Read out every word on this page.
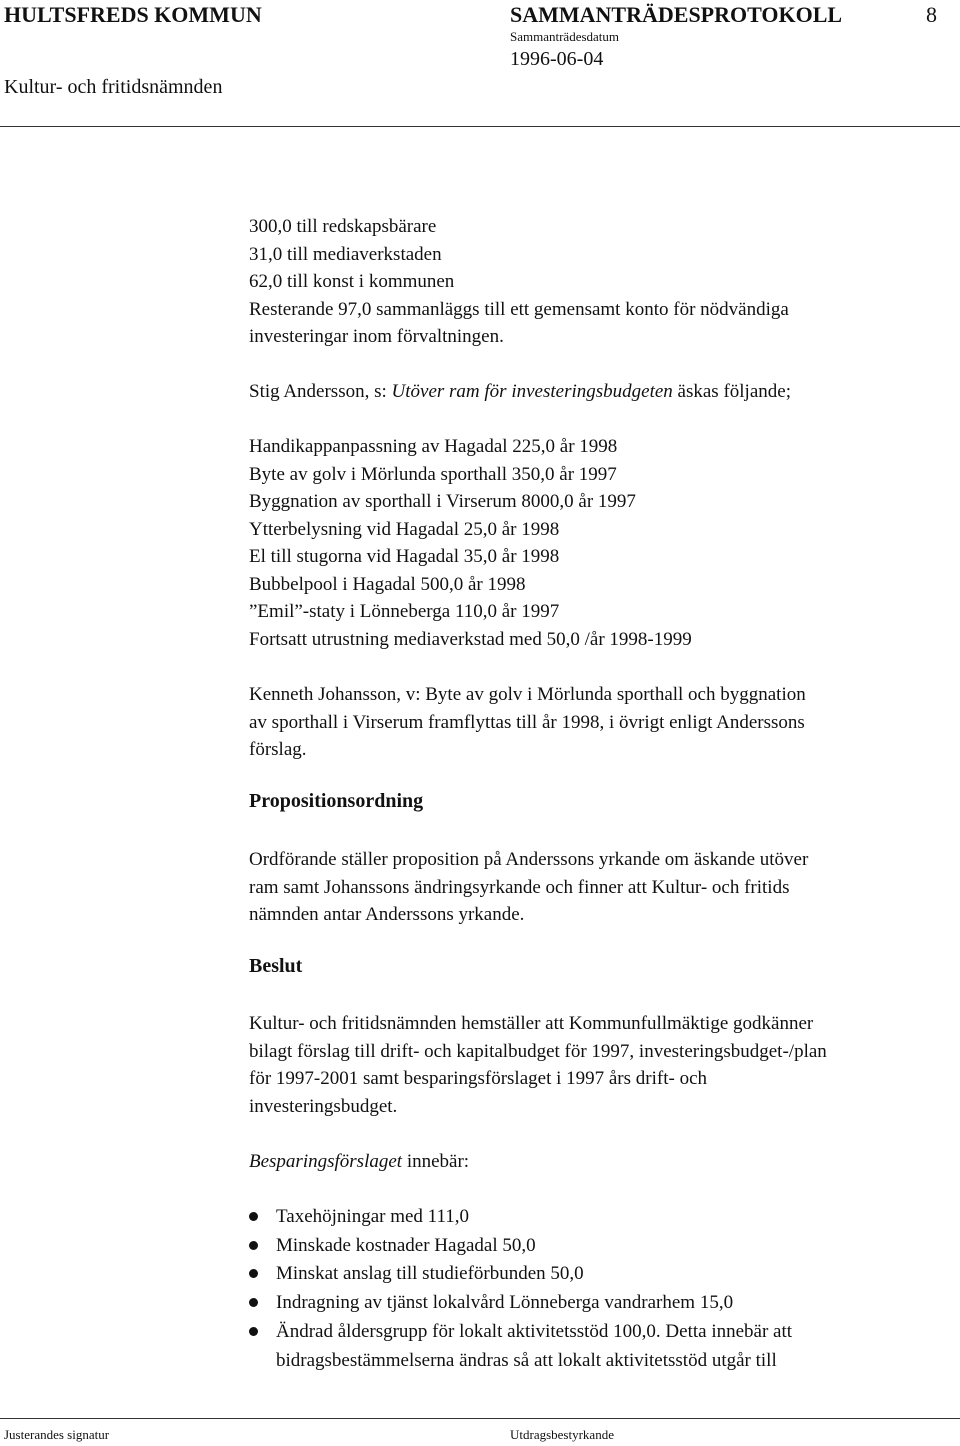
HULTSFREDS KOMMUN	SAMMANTRÄDESPROTOKOLL	8
Sammanträdesdatum
1996-06-04
Kultur- och fritidsnämnden
300,0 till redskapsbärare
31,0 till mediaverkstaden
62,0 till konst i kommunen
Resterande 97,0 sammanläggs till ett gemensamt konto för nödvändiga
investeringar inom förvaltningen.
Stig Andersson, s: Utöver ram för investeringsbudgeten äskas följande;
Handikappanpassning av Hagadal 225,0 år 1998
Byte av golv i Mörlunda sporthall 350,0 år 1997
Byggnation av sporthall i Virserum 8000,0 år 1997
Ytterbelysning vid Hagadal 25,0 år 1998
El till stugorna vid Hagadal 35,0 år 1998
Bubbelpool i Hagadal 500,0 år 1998
”Emil”-staty i Lönneberga 110,0 år 1997
Fortsatt utrustning mediaverkstad med 50,0 /år 1998-1999
Kenneth Johansson, v: Byte av golv i Mörlunda sporthall och byggnation
av sporthall i Virserum framflyttas till år 1998, i övrigt enligt Anderssons
förslag.
Propositionsordning
Ordförande ställer proposition på Anderssons yrkande om äskande utöver
ram samt Johanssons ändringsyrkande och finner att Kultur- och fritids
nämnden antar Anderssons yrkande.
Beslut
Kultur- och fritidsnämnden hemställer att Kommunfullmäktige godkänner
bilagt förslag till drift- och kapitalbudget för 1997, investeringsbudget-/plan
för 1997-2001 samt besparingsförslaget i 1997 års drift- och
investeringsbudget.
Besparingsförslaget innebär:
Taxehöjningar med 111,0
Minskade kostnader Hagadal 50,0
Minskat anslag till studieförbunden 50,0
Indragning av tjänst lokalvård Lönneberga vandrarhem 15,0
Ändrad åldersgrupp för lokalt aktivitetsstöd 100,0. Detta innebär att
bidragsbestämmelserna ändras så att lokalt aktivitetsstöd utgår till
Justerandes signatur	Utdragsbestyrkande
